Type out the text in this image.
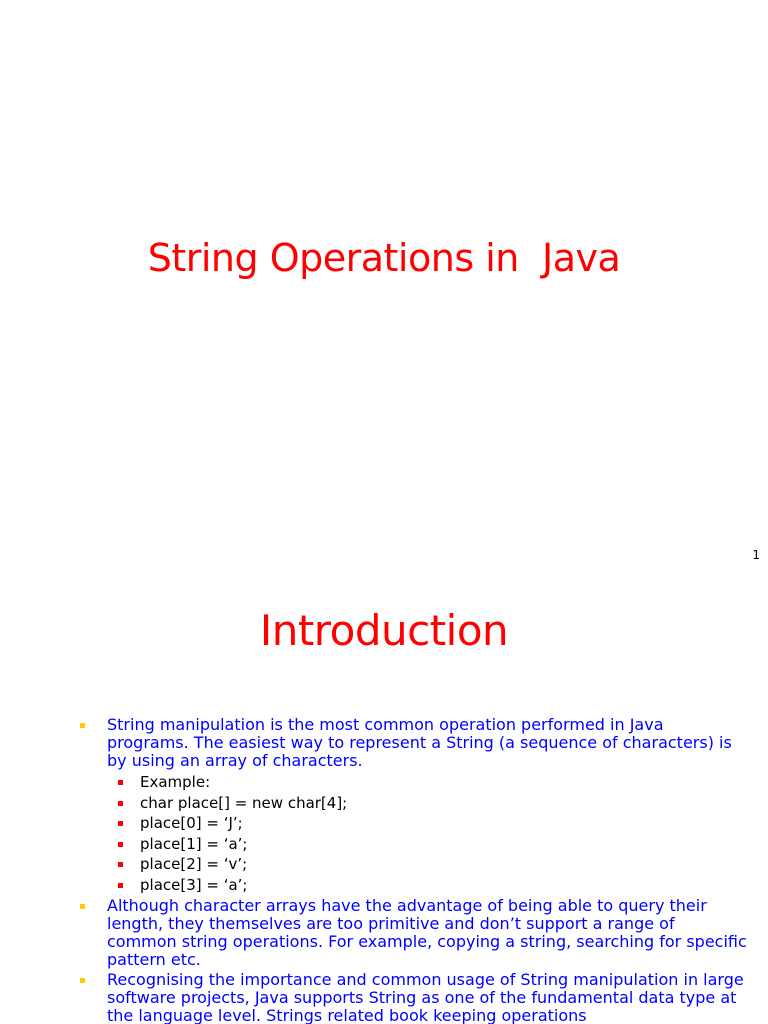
String Operations in  Java
1
Introduction
String manipulation is the most common operation performed in Java programs. The easiest way to represent a String (a sequence of characters) is by using an array of characters.
Example:
char place[] = new char[4];
place[0] = ‘J’;
place[1] = ‘a’;
place[2] = ‘v’;
place[3] = ‘a’;
Although character arrays have the advantage of being able to query their length, they themselves are too primitive and don’t support a range of common string operations. For example, copying a string, searching for specific pattern etc.
Recognising the importance and common usage of String manipulation in large software projects, Java supports String as one of the fundamental data type at the language level. Strings related book keeping operations
